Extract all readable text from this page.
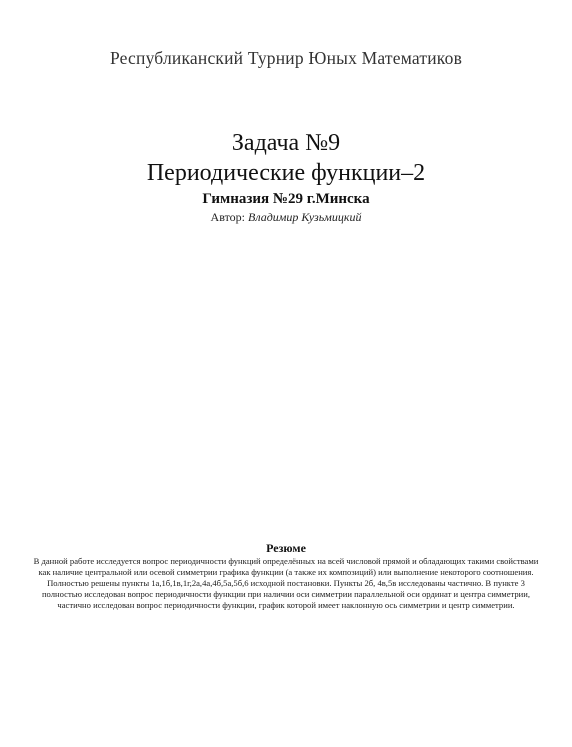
Республиканский Турнир Юных Математиков
Задача №9
Периодические функции–2
Гимназия №29 г.Минска
Автор: Владимир Кузьмицкий
Резюме
В данной работе исследуется вопрос периодичности функций определённых на всей числовой прямой и обладающих такими свойствами как наличие центральной или осевой симметрии графика функции (а также их композиций) или выполнение некоторого соотношения. Полностью решены пункты 1а,1б,1в,1г,2а,4а,4б,5а,5б,6 исходной постановки. Пункты 2б, 4в,5в исследованы частично. В пункте 3 полностью исследован вопрос периодичности функции при наличии оси симметрии параллельной оси ординат и центра симметрии, частично исследован вопрос периодичности функции, график которой имеет наклонную ось симметрии и центр симметрии.
